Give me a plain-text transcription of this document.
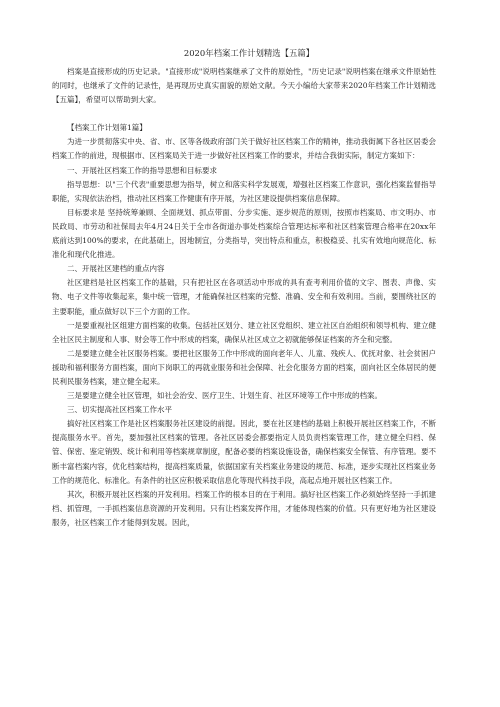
2020年档案工作计划精选【五篇】

档案是直接形成的历史记录。"直接形成"说明档案继承了文件的原始性，"历史记录"说明档案在继承文件原始性的同时，也继承了文件的记录性，是再现历史真实面貌的原始文献。今天小编给大家带来2020年档案工作计划精选【五篇】，希望可以帮助到大家。

【档案工作计划第1篇】

为进一步贯彻落实中央、省、市、区等各级政府部门关于做好社区档案工作的精神，推动我街属下各社区居委会档案工作的前进，现根据市、区档案局关于进一步做好社区档案工作的要求，并结合我街实际，制定方案如下：

一、开展社区档案工作的指导思想和目标要求

指导思想：以"三个代表"重要思想为指导，树立和落实科学发展观，增强社区档案工作意识，强化档案监督指导职能，实现依法治档，推动社区档案工作健康有序开展，为社区建设提供档案信息保障。

目标要求是 坚持统筹兼顾、全面规划、抓点带面、分步实施、逐步规范的原则，按照市档案局、市文明办、市民政局、市劳动和社保局去年4月24日关于全市各街道办事处档案综合管理达标率和社区档案管理合格率在20xx年底前达到100%的要求，在此基础上，因地制宜，分类指导，突出特点和重点，积极稳妥、扎实有效地向规范化、标准化和现代化推进。

二、开展社区建档的重点内容

社区建档是社区档案工作的基础，只有把社区在各项活动中形成的具有查考利用价值的文字、图表、声像、实物、电子文件等收集起来，集中统一管理，才能确保社区档案的完整、准确、安全和有效利用。当前，要围绕社区的主要职能，重点做好以下三个方面的工作。

一是要重视社区组建方面档案的收集。包括社区划分、建立社区党组织、建立社区自治组织和领导机构、建立健全社区民主制度和人事、财会等工作中形成的档案，确保从社区成立之初就能够保证档案的齐全和完整。

二是要建立健全社区服务档案。要把社区服务工作中形成的面向老年人、儿童、残疾人、优抚对象、社会贫困户援助和福利服务方面档案，面向下岗职工的再就业服务和社会保障、社会化服务方面的档案，面向社区全体居民的便民利民服务档案，建立健全起来。

三是要建立健全社区管理，如社会治安、医疗卫生、计划生育、社区环境等工作中形成的档案。

三、切实提高社区档案工作水平

搞好社区档案工作是社区档案服务社区建设的前提。因此，要在社区建档的基础上积极开展社区档案工作，不断提高服务水平。首先，要加强社区档案的管理。各社区居委会都要指定人员负责档案管理工作，建立健全归档、保管、保密、鉴定销毁、统计和利用等档案规章制度，配备必要的档案设施设备，确保档案安全保管、有序管理。要不断丰富档案内容，优化档案结构，提高档案质量，依据国家有关档案业务建设的规范、标准，逐步实现社区档案业务工作的规范化、标准化。有条件的社区应积极采取信息化等现代科技手段，高起点地开展社区档案工作。

其次，积极开展社区档案的开发利用。档案工作的根本目的在于利用。搞好社区档案工作必须始终坚持一手抓建档、抓管理，一手抓档案信息资源的开发利用。只有让档案发挥作用，才能体现档案的价值。只有更好地为社区建设服务，社区档案工作才能得到发展。因此，
